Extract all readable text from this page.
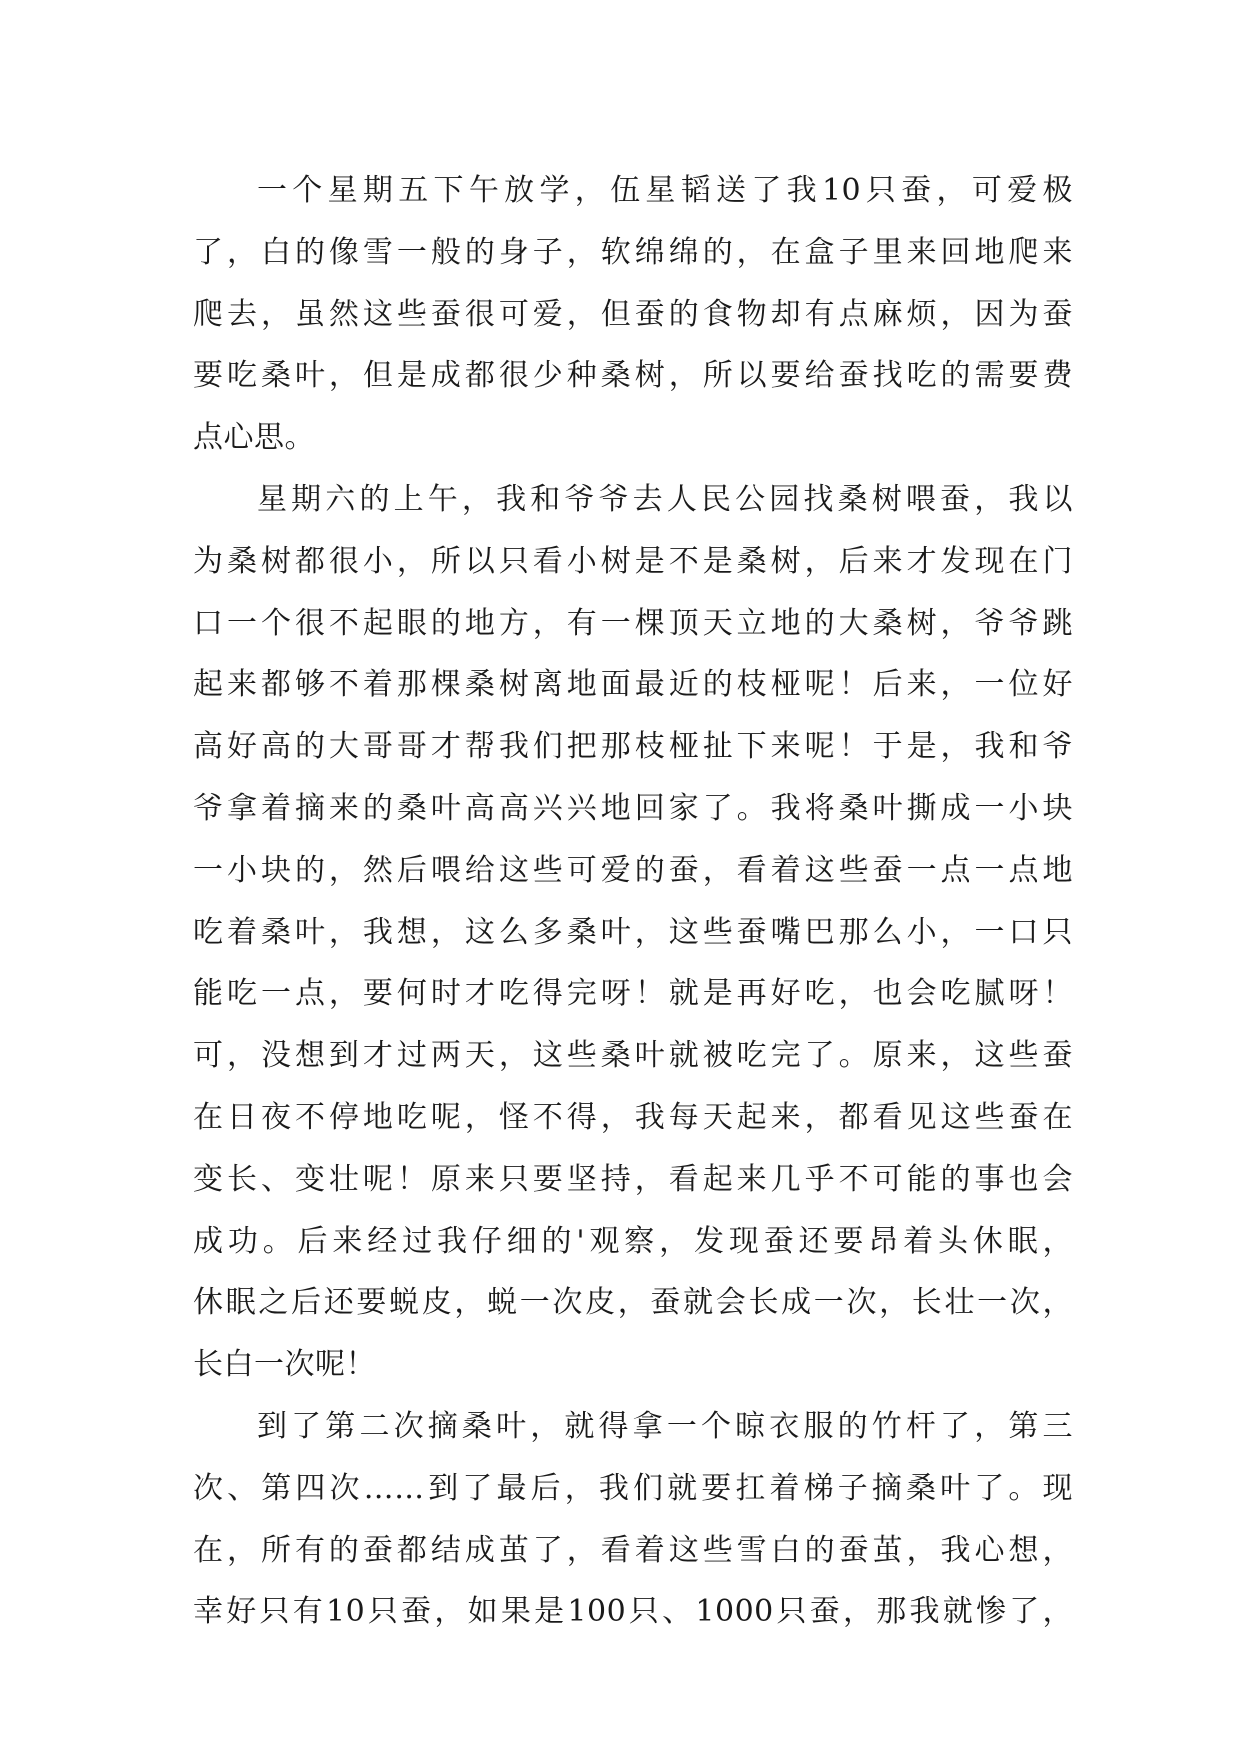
一个星期五下午放学，伍星韬送了我10只蚕，可爱极
了，白的像雪一般的身子，软绵绵的，在盒子里来回地爬来
爬去，虽然这些蚕很可爱，但蚕的食物却有点麻烦，因为蚕
要吃桑叶，但是成都很少种桑树，所以要给蚕找吃的需要费
点心思。
星期六的上午，我和爷爷去人民公园找桑树喂蚕，我以
为桑树都很小，所以只看小树是不是桑树，后来才发现在门
口一个很不起眼的地方，有一棵顶天立地的大桑树，爷爷跳
起来都够不着那棵桑树离地面最近的枝桠呢！后来，一位好
高好高的大哥哥才帮我们把那枝桠扯下来呢！于是，我和爷
爷拿着摘来的桑叶高高兴兴地回家了。我将桑叶撕成一小块
一小块的，然后喂给这些可爱的蚕，看着这些蚕一点一点地
吃着桑叶，我想，这么多桑叶，这些蚕嘴巴那么小，一口只
能吃一点，要何时才吃得完呀！就是再好吃，也会吃腻呀！
可，没想到才过两天，这些桑叶就被吃完了。原来，这些蚕
在日夜不停地吃呢，怪不得，我每天起来，都看见这些蚕在
变长、变壮呢！原来只要坚持，看起来几乎不可能的事也会
成功。后来经过我仔细的'观察，发现蚕还要昂着头休眠，
休眠之后还要蜕皮，蜕一次皮，蚕就会长成一次，长壮一次，
长白一次呢！
到了第二次摘桑叶，就得拿一个晾衣服的竹杆了，第三
次、第四次……到了最后，我们就要扛着梯子摘桑叶了。现
在，所有的蚕都结成茧了，看着这些雪白的蚕茧，我心想，
幸好只有10只蚕，如果是100只、1000只蚕，那我就惨了，
